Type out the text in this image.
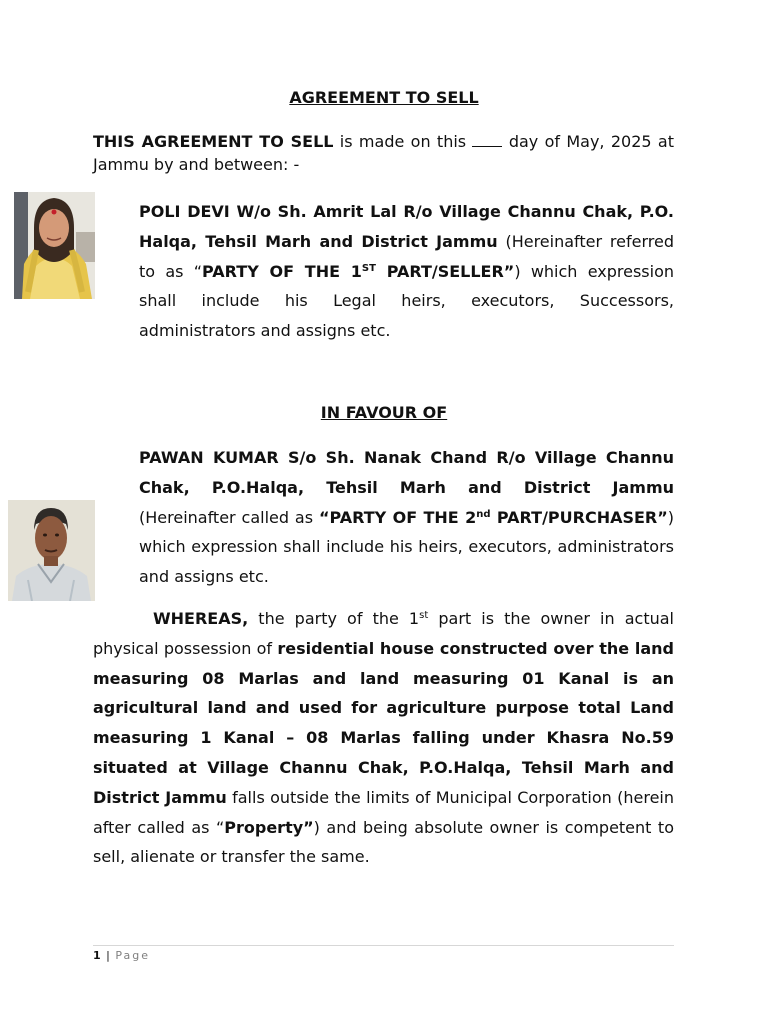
AGREEMENT TO SELL

THIS AGREEMENT TO SELL is made on this  day of May, 2025 at Jammu by and between: -

POLI DEVI W/o Sh. Amrit Lal R/o Village Channu Chak, P.O. Halqa, Tehsil Marh and District Jammu (Hereinafter referred to as “PARTY OF THE 1ST PART/SELLER”) which expression shall include his Legal heirs, executors, Successors, administrators and assigns etc.

IN FAVOUR OF

PAWAN KUMAR S/o Sh. Nanak Chand R/o Village Channu Chak, P.O.Halqa, Tehsil Marh and District Jammu (Hereinafter called as “PARTY OF THE 2nd PART/PURCHASER”) which expression shall include his heirs, executors, administrators and assigns etc.

WHEREAS, the party of the 1st part is the owner in actual physical possession of residential house constructed over the land measuring 08 Marlas and land measuring 01 Kanal is an agricultural land and used for agriculture purpose total Land measuring 1 Kanal – 08 Marlas falling under Khasra No.59 situated at Village Channu Chak, P.O.Halqa, Tehsil Marh and District Jammu falls outside the limits of Municipal Corporation (herein after called as “Property”) and being absolute owner is competent to sell, alienate or transfer the same.

1 | Page
